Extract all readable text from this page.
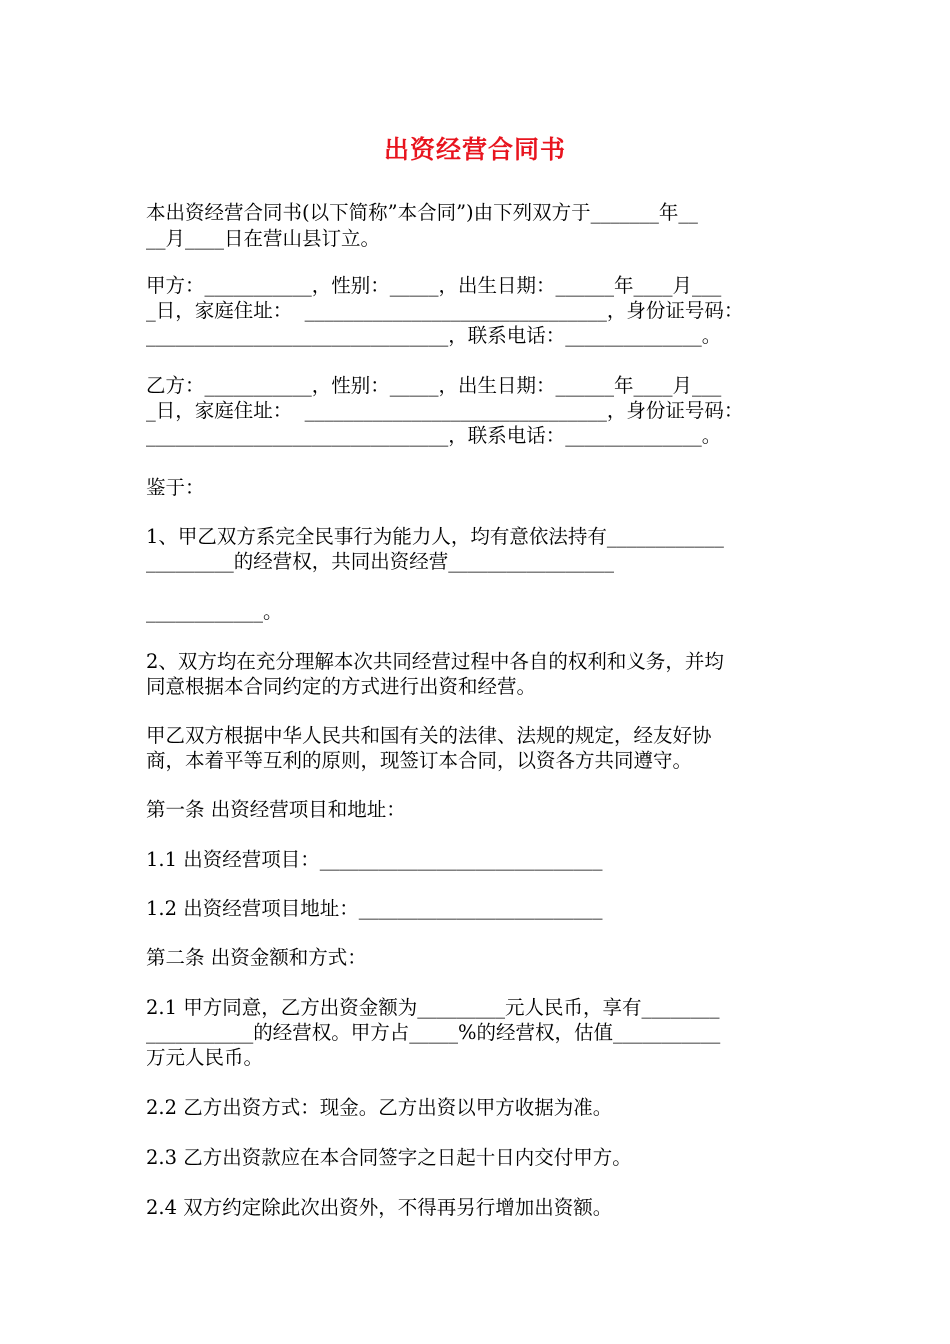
出资经营合同书
本出资经营合同书(以下简称”本合同”)由下列双方于_______年__
__月____日在营山县订立。
甲方：___________，性别：_____，出生日期：______年____月___
_日，家庭住址：  _______________________________，身份证号码：
_______________________________，联系电话：______________。
乙方：___________，性别：_____，出生日期：______年____月___
_日，家庭住址：  _______________________________，身份证号码：
_______________________________，联系电话：______________。
鉴于：
1、甲乙双方系完全民事行为能力人，均有意依法持有____________
_________的经营权，共同出资经营_________________
____________。
2、双方均在充分理解本次共同经营过程中各自的权利和义务，并均
同意根据本合同约定的方式进行出资和经营。
甲乙双方根据中华人民共和国有关的法律、法规的规定，经友好协
商，本着平等互利的原则，现签订本合同，以资各方共同遵守。
第一条 出资经营项目和地址：
1.1 出资经营项目：_____________________________
1.2 出资经营项目地址：_________________________
第二条 出资金额和方式：
2.1 甲方同意，乙方出资金额为_________元人民币，享有________
___________的经营权。甲方占_____%的经营权，估值___________
万元人民币。
2.2 乙方出资方式：现金。乙方出资以甲方收据为准。
2.3 乙方出资款应在本合同签字之日起十日内交付甲方。
2.4 双方约定除此次出资外，不得再另行增加出资额。
